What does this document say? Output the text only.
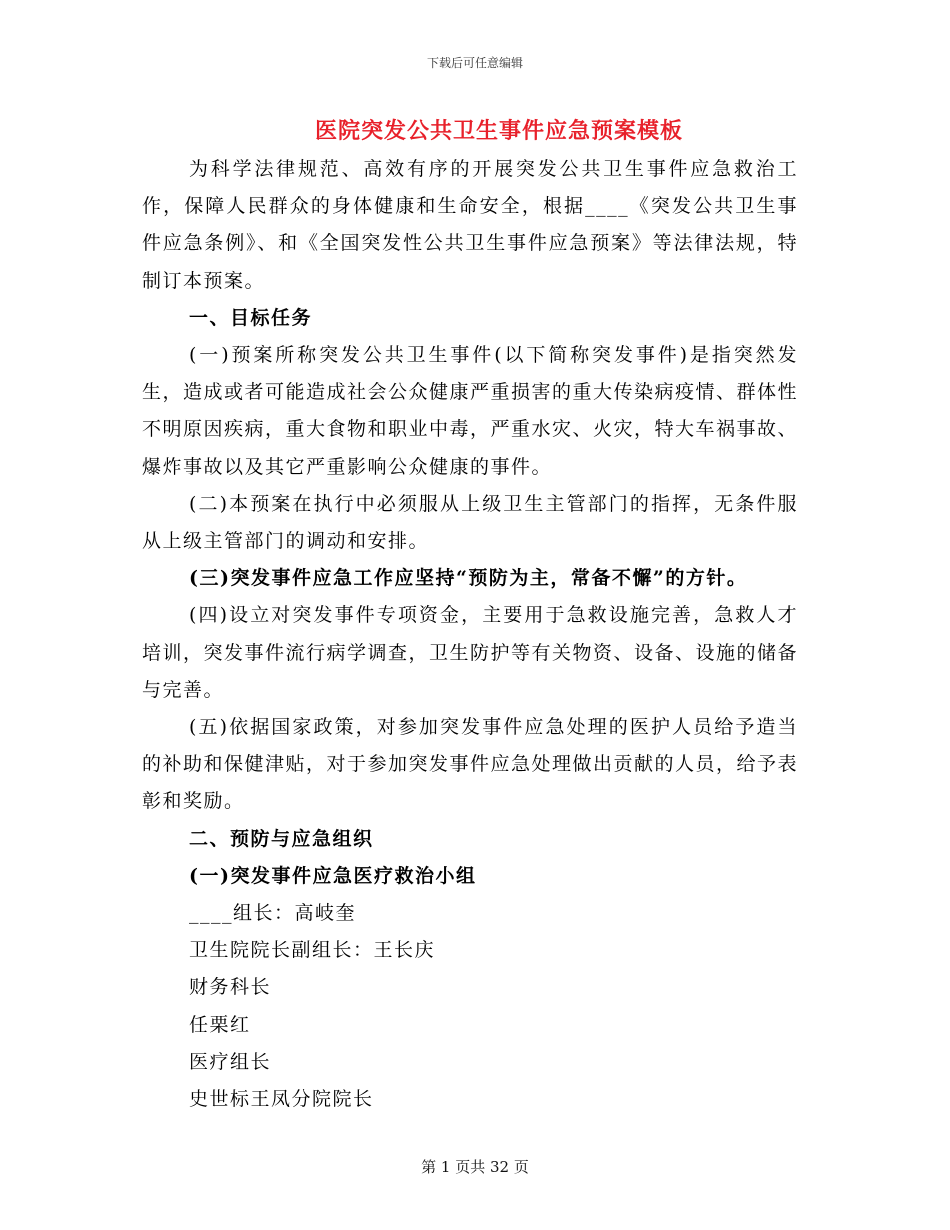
下载后可任意编辑
医院突发公共卫生事件应急预案模板

为科学法律规范、高效有序的开展突发公共卫生事件应急救治工作，保障人民群众的身体健康和生命安全，根据____《突发公共卫生事件应急条例》、和《全国突发性公共卫生事件应急预案》等法律法规，特制订本预案。

一、目标任务

(一)预案所称突发公共卫生事件(以下简称突发事件)是指突然发生，造成或者可能造成社会公众健康严重损害的重大传染病疫情、群体性不明原因疾病，重大食物和职业中毒，严重水灾、火灾，特大车祸事故、爆炸事故以及其它严重影响公众健康的事件。

(二)本预案在执行中必须服从上级卫生主管部门的指挥，无条件服从上级主管部门的调动和安排。

(三)突发事件应急工作应坚持“预防为主，常备不懈”的方针。

(四)设立对突发事件专项资金，主要用于急救设施完善，急救人才培训，突发事件流行病学调查，卫生防护等有关物资、设备、设施的储备与完善。

(五)依据国家政策，对参加突发事件应急处理的医护人员给予造当的补助和保健津贴，对于参加突发事件应急处理做出贡献的人员，给予表彰和奖励。

二、预防与应急组织

(一)突发事件应急医疗救治小组

____组长：高岐奎

卫生院院长副组长：王长庆

财务科长

任栗红

医疗组长

史世标王凤分院院长

第 1 页共 32 页
